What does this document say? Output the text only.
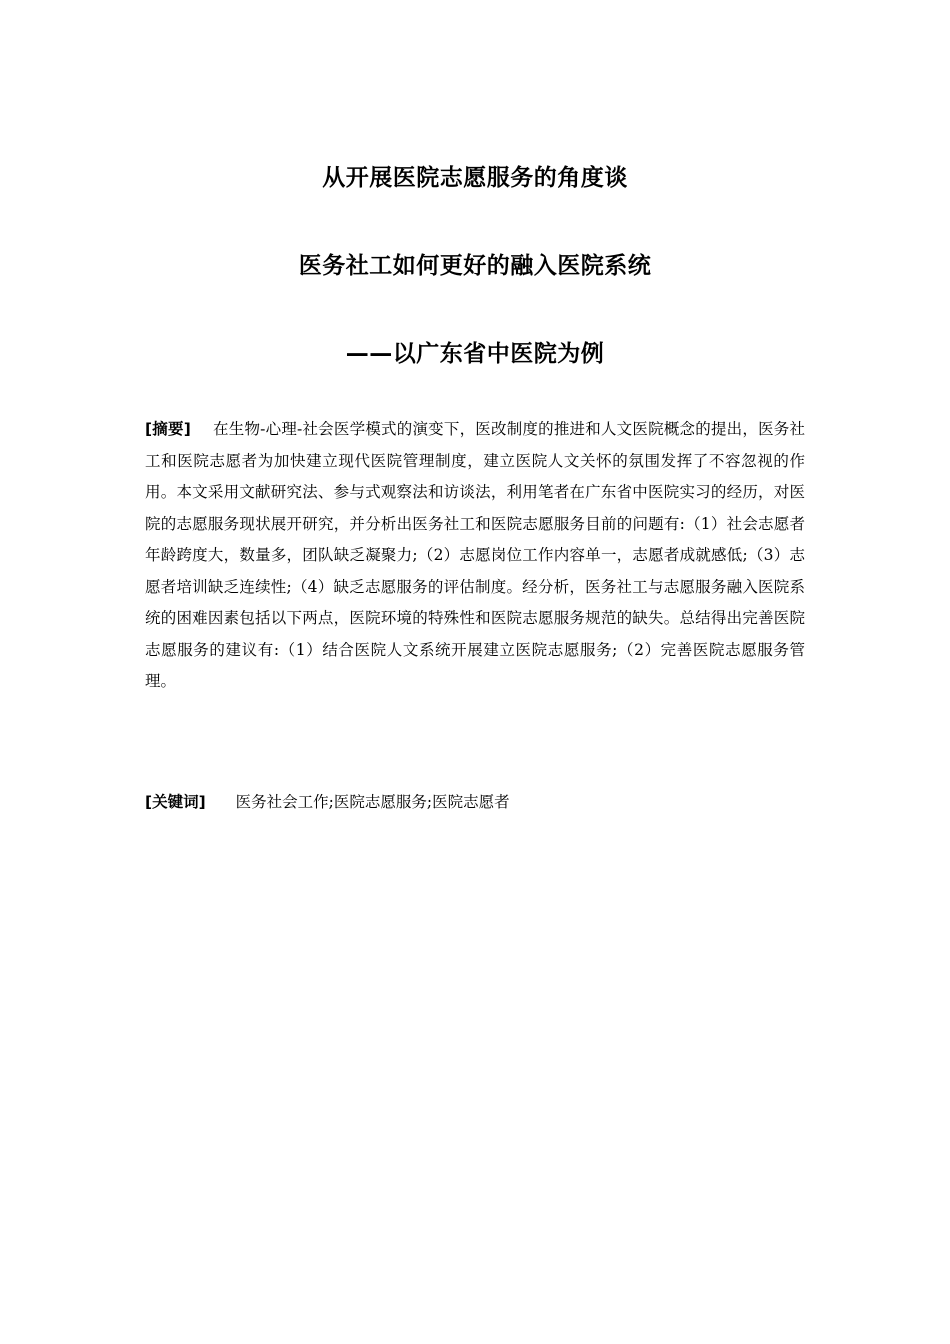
从开展医院志愿服务的角度谈
医务社工如何更好的融入医院系统
——以广东省中医院为例
[摘要] 在生物-心理-社会医学模式的演变下，医改制度的推进和人文医院概念的提出，医务社工和医院志愿者为加快建立现代医院管理制度，建立医院人文关怀的氛围发挥了不容忽视的作用。本文采用文献研究法、参与式观察法和访谈法，利用笔者在广东省中医院实习的经历，对医院的志愿服务现状展开研究，并分析出医务社工和医院志愿服务目前的问题有:（1）社会志愿者年龄跨度大，数量多，团队缺乏凝聚力;（2）志愿岗位工作内容单一，志愿者成就感低;（3）志愿者培训缺乏连续性;（4）缺乏志愿服务的评估制度。经分析，医务社工与志愿服务融入医院系统的困难因素包括以下两点，医院环境的特殊性和医院志愿服务规范的缺失。总结得出完善医院志愿服务的建议有:（1）结合医院人文系统开展建立医院志愿服务;（2）完善医院志愿服务管理。
[关键词] 医务社会工作;医院志愿服务;医院志愿者
